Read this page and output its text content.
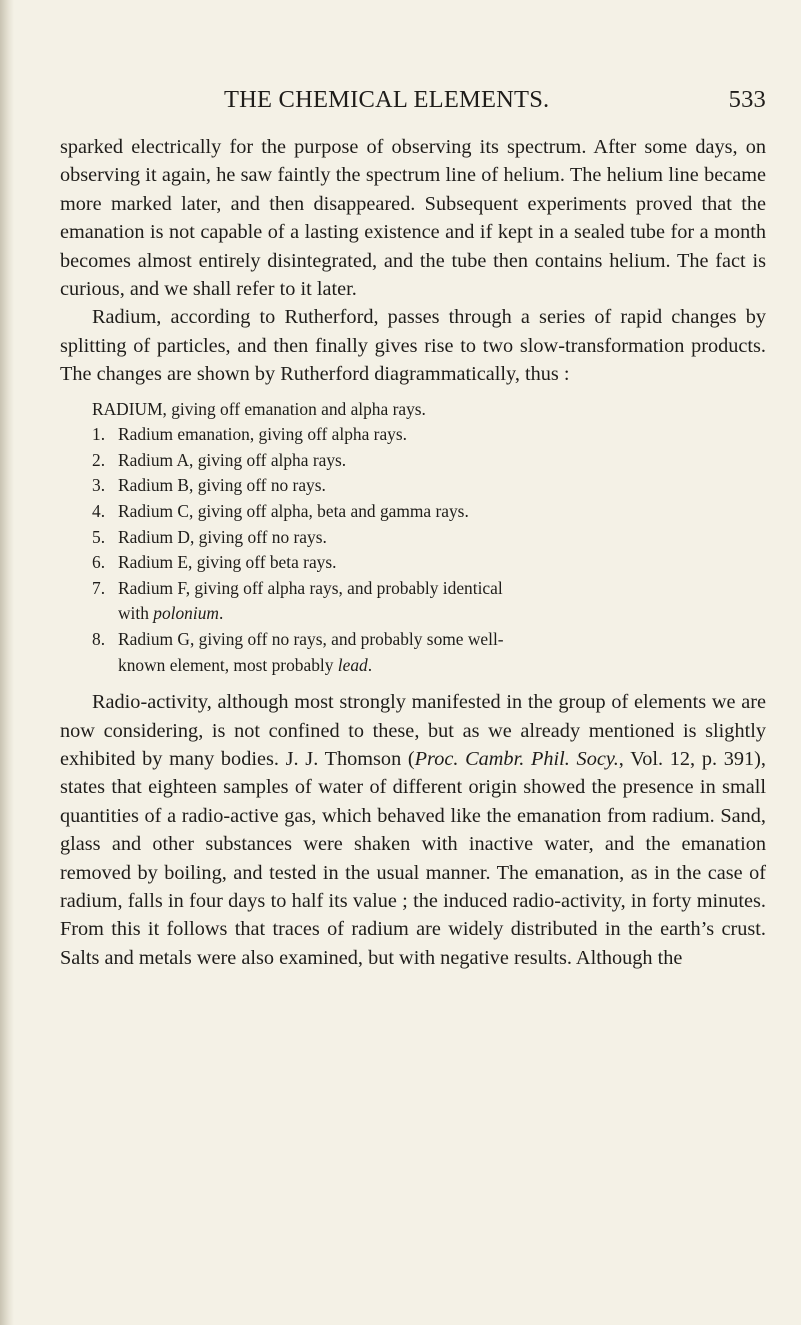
THE CHEMICAL ELEMENTS.	533

sparked electrically for the purpose of observing its spectrum. After some days, on observing it again, he saw faintly the spectrum line of helium. The helium line became more marked later, and then disappeared. Subsequent experiments proved that the emanation is not capable of a lasting existence and if kept in a sealed tube for a month becomes almost entirely disintegrated, and the tube then contains helium. The fact is curious, and we shall refer to it later.

Radium, according to Rutherford, passes through a series of rapid changes by splitting of particles, and then finally gives rise to two slow-transformation products. The changes are shown by Rutherford diagrammatically, thus :

RADIUM, giving off emanation and alpha rays.

1. Radium emanation, giving off alpha rays.
2. Radium A, giving off alpha rays.
3. Radium B, giving off no rays.
4. Radium C, giving off alpha, beta and gamma rays.
5. Radium D, giving off no rays.
6. Radium E, giving off beta rays.
7. Radium F, giving off alpha rays, and probably identical
with polonium.
8. Radium G, giving off no rays, and probably some well-
known element, most probably lead.

Radio-activity, although most strongly manifested in the group of elements we are now considering, is not confined to these, but as we already mentioned is slightly exhibited by many bodies. J. J. Thomson (Proc. Cambr. Phil. Socy., Vol. 12, p. 391), states that eighteen samples of water of different origin showed the presence in small quantities of a radio-active gas, which behaved like the emanation from radium. Sand, glass and other substances were shaken with inactive water, and the emanation removed by boiling, and tested in the usual manner. The emanation, as in the case of radium, falls in four days to half its value ; the induced radio-activity, in forty minutes. From this it follows that traces of radium are widely distributed in the earth’s crust. Salts and metals were also examined, but with negative results. Although the
